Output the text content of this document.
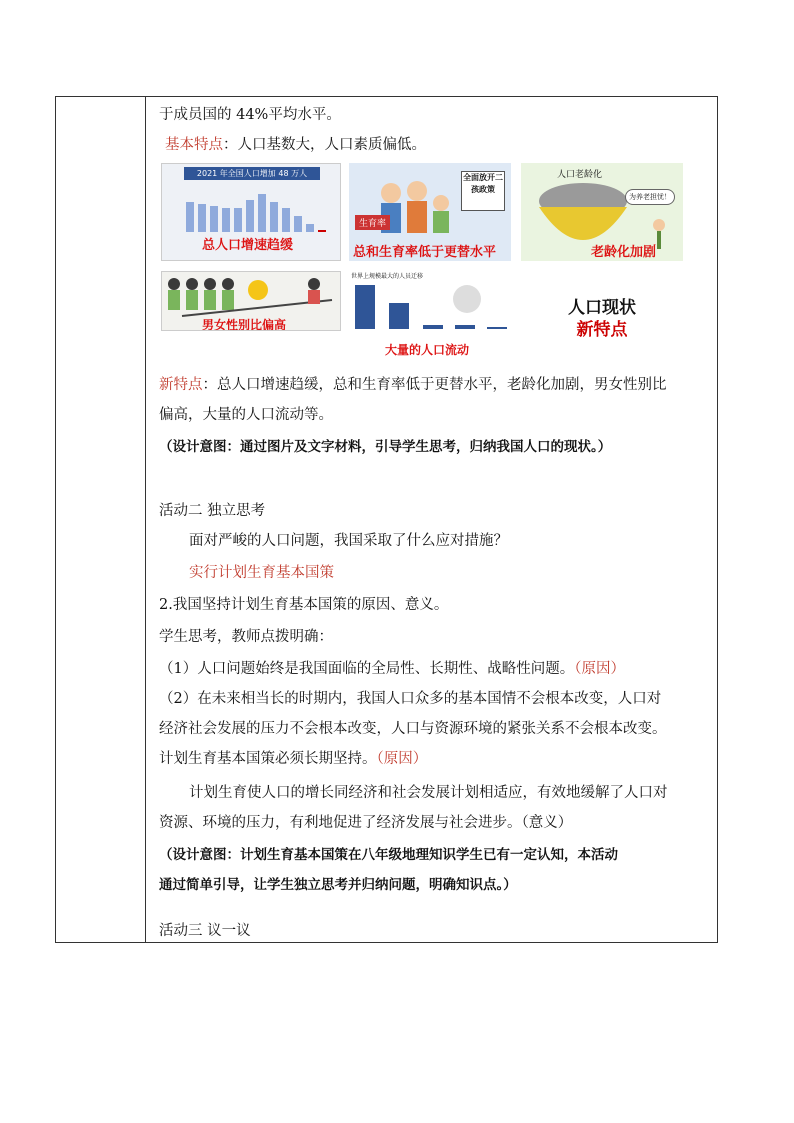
于成员国的 44%平均水平。
基本特点：人口基数大，人口素质偏低。
2021 年全国人口增加 48 万人
总人口增速趋缓
生育率
全面放开二孩政策
总和生育率低于更替水平
人口老龄化
为养老担忧！
老龄化加剧
男女性别比偏高
世界上规模最大的人员迁移
大量的人口流动
人口现状
新特点
新特点：总人口增速趋缓，总和生育率低于更替水平，老龄化加剧，男女性别比
偏高，大量的人口流动等。
（设计意图：通过图片及文字材料，引导学生思考，归纳我国人口的现状。）
活动二 独立思考
面对严峻的人口问题，我国采取了什么应对措施？
实行计划生育基本国策
2.我国坚持计划生育基本国策的原因、意义。
学生思考，教师点拨明确：
（1）人口问题始终是我国面临的全局性、长期性、战略性问题。（原因）
（2）在未来相当长的时期内，我国人口众多的基本国情不会根本改变，人口对
经济社会发展的压力不会根本改变，人口与资源环境的紧张关系不会根本改变。
计划生育基本国策必须长期坚持。（原因）
计划生育使人口的增长同经济和社会发展计划相适应，有效地缓解了人口对
资源、环境的压力，有利地促进了经济发展与社会进步。（意义）
（设计意图：计划生育基本国策在八年级地理知识学生已有一定认知，本活动
通过简单引导，让学生独立思考并归纳问题，明确知识点。）
活动三 议一议
